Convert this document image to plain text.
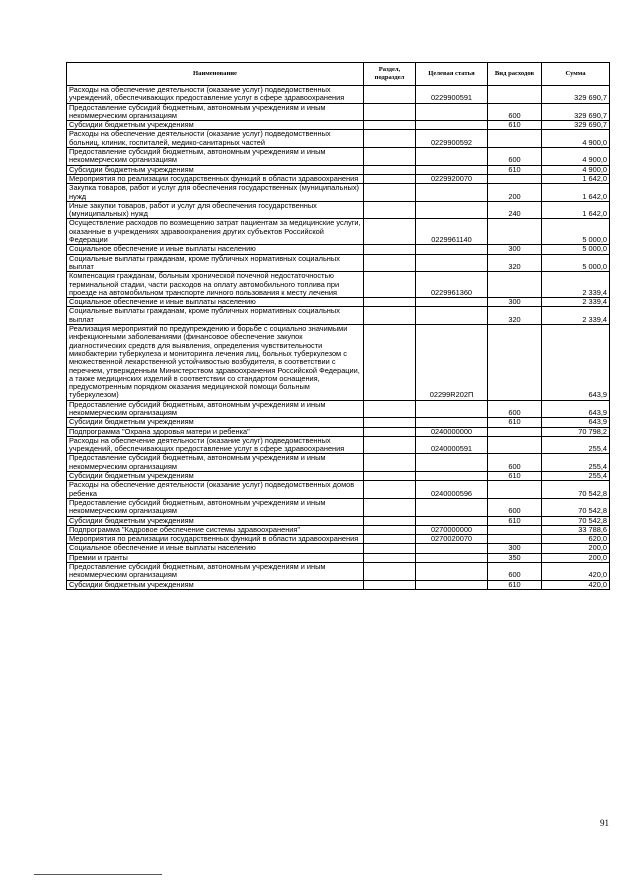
Наименование	Раздел, подраздел	Целевая статья	Вид расходов	Сумма
Расходы на обеспечение деятельности (оказание услуг) подведомственных учреждений, обеспечивающих предоставление услуг в сфере здравоохранения		0229900591		329 690,7
Предоставление субсидий бюджетным, автономным учреждениям и иным некоммерческим организациям			600	329 690,7
Субсидии бюджетным учреждениям			610	329 690,7
Расходы на обеспечение деятельности (оказание услуг) подведомственных больниц, клиник, госпиталей, медико-санитарных частей		0229900592		4 900,0
Предоставление субсидий бюджетным, автономным учреждениям и иным некоммерческим организациям			600	4 900,0
Субсидии бюджетным учреждениям			610	4 900,0
Мероприятия по реализации государственных функций в области здравоохранения		0229920070		1 642,0
Закупка товаров, работ и услуг для обеспечения государственных (муниципальных) нужд			200	1 642,0
Иные закупки товаров, работ и услуг для обеспечения государственных (муниципальных) нужд			240	1 642,0
Осуществление расходов по возмещению затрат пациентам за медицинские услуги, оказанные в учреждениях здравоохранения других субъектов Российской Федерации		0229961140		5 000,0
Социальное обеспечение и иные выплаты населению			300	5 000,0
Социальные выплаты гражданам, кроме публичных нормативных социальных выплат			320	5 000,0
Компенсация гражданам, больным хронической почечной недостаточностью терминальной стадии, части расходов на оплату автомобильного топлива при проезде на автомобильном транспорте личного пользования к месту лечения		0229961360		2 339,4
Социальное обеспечение и иные выплаты населению			300	2 339,4
Социальные выплаты гражданам, кроме публичных нормативных социальных выплат			320	2 339,4
Реализация мероприятий по предупреждению и борьбе с социально значимыми инфекционными заболеваниями (финансовое обеспечение закупок диагностических средств для выявления, определения чувствительности микобактерии туберкулеза и мониторинга лечения лиц, больных туберкулезом с множественной лекарственной устойчивостью возбудителя, в соответствии с перечнем, утвержденным Министерством здравоохранения Российской Федерации, а также медицинских изделий в соответствии со стандартом оснащения, предусмотренным порядком оказания медицинской помощи больным туберкулезом)		02299R202П		643,9
Предоставление субсидий бюджетным, автономным учреждениям и иным некоммерческим организациям			600	643,9
Субсидии бюджетным учреждениям			610	643,9
Подпрограмма "Охрана здоровья матери и ребенка"		0240000000		70 798,2
Расходы на обеспечение деятельности (оказание услуг) подведомственных учреждений, обеспечивающих предоставление услуг в сфере здравоохранения		0240000591		255,4
Предоставление субсидий бюджетным, автономным учреждениям и иным некоммерческим организациям			600	255,4
Субсидии бюджетным учреждениям			610	255,4
Расходы на обеспечение деятельности (оказание услуг) подведомственных домов ребенка		0240000596		70 542,8
Предоставление субсидий бюджетным, автономным учреждениям и иным некоммерческим организациям			600	70 542,8
Субсидии бюджетным учреждениям			610	70 542,8
Подпрограмма "Кадровое обеспечение системы здравоохранения"		0270000000		33 788,6
Мероприятия по реализации государственных функций в области здравоохранения		0270020070		620,0
Социальное обеспечение и иные выплаты населению			300	200,0
Премии и гранты			350	200,0
Предоставление субсидий бюджетным, автономным учреждениям и иным некоммерческим организациям			600	420,0
Субсидии бюджетным учреждениям			610	420,0
91
